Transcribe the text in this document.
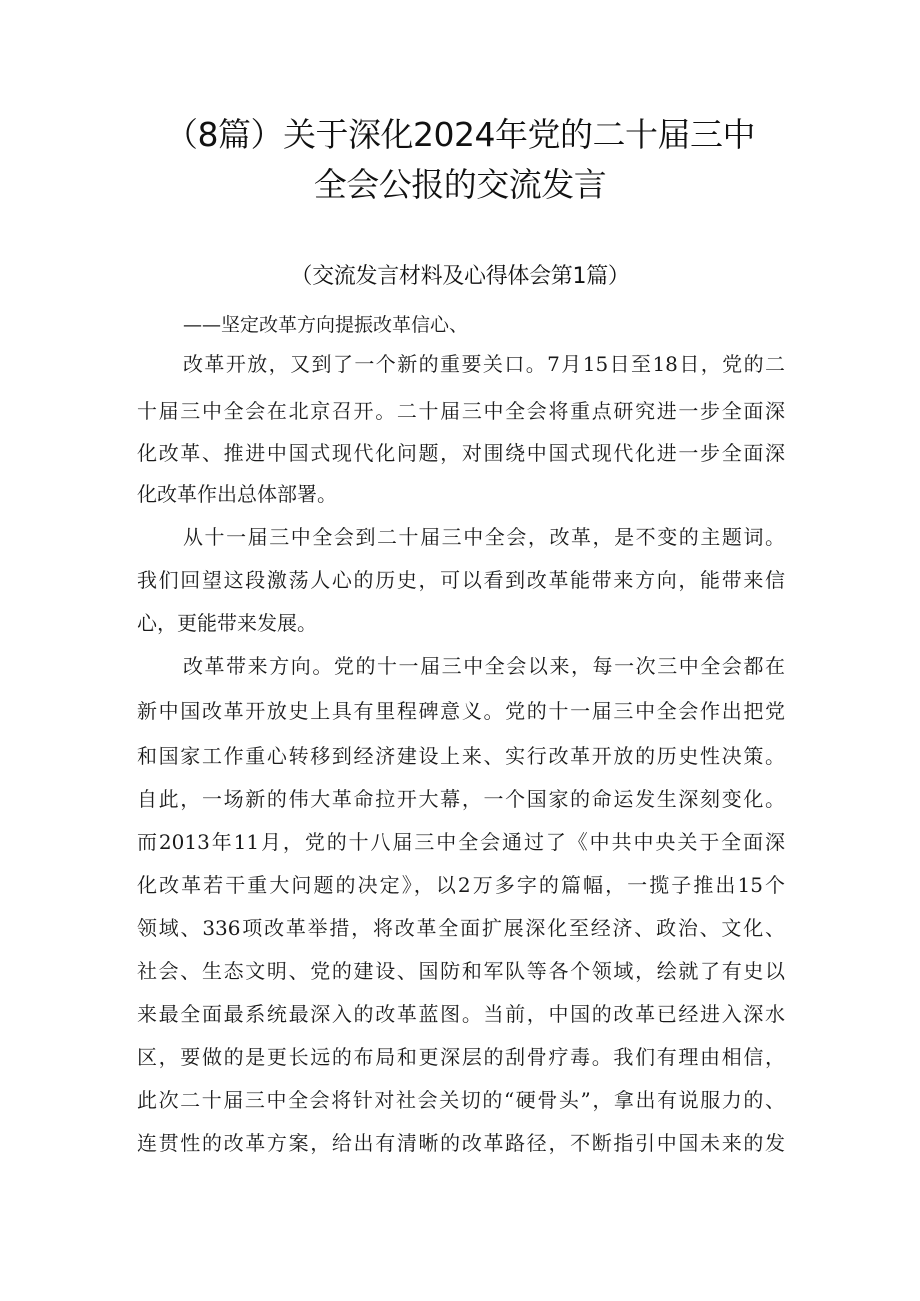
（8篇）关于深化2024年党的二十届三中
全会公报的交流发言
（交流发言材料及心得体会第1篇）
——坚定改革方向提振改革信心、
改革开放，又到了一个新的重要关口。7月15日至18日，党的二
十届三中全会在北京召开。二十届三中全会将重点研究进一步全面深
化改革、推进中国式现代化问题，对围绕中国式现代化进一步全面深
化改革作出总体部署。
从十一届三中全会到二十届三中全会，改革，是不变的主题词。
我们回望这段激荡人心的历史，可以看到改革能带来方向，能带来信
心，更能带来发展。
改革带来方向。党的十一届三中全会以来，每一次三中全会都在
新中国改革开放史上具有里程碑意义。党的十一届三中全会作出把党
和国家工作重心转移到经济建设上来、实行改革开放的历史性决策。
自此，一场新的伟大革命拉开大幕，一个国家的命运发生深刻变化。
而2013年11月，党的十八届三中全会通过了《中共中央关于全面深
化改革若干重大问题的决定》，以2万多字的篇幅，一揽子推出15个
领域、336项改革举措，将改革全面扩展深化至经济、政治、文化、
社会、生态文明、党的建设、国防和军队等各个领域，绘就了有史以
来最全面最系统最深入的改革蓝图。当前，中国的改革已经进入深水
区，要做的是更长远的布局和更深层的刮骨疗毒。我们有理由相信，
此次二十届三中全会将针对社会关切的“硬骨头”，拿出有说服力的、
连贯性的改革方案，给出有清晰的改革路径，不断指引中国未来的发
